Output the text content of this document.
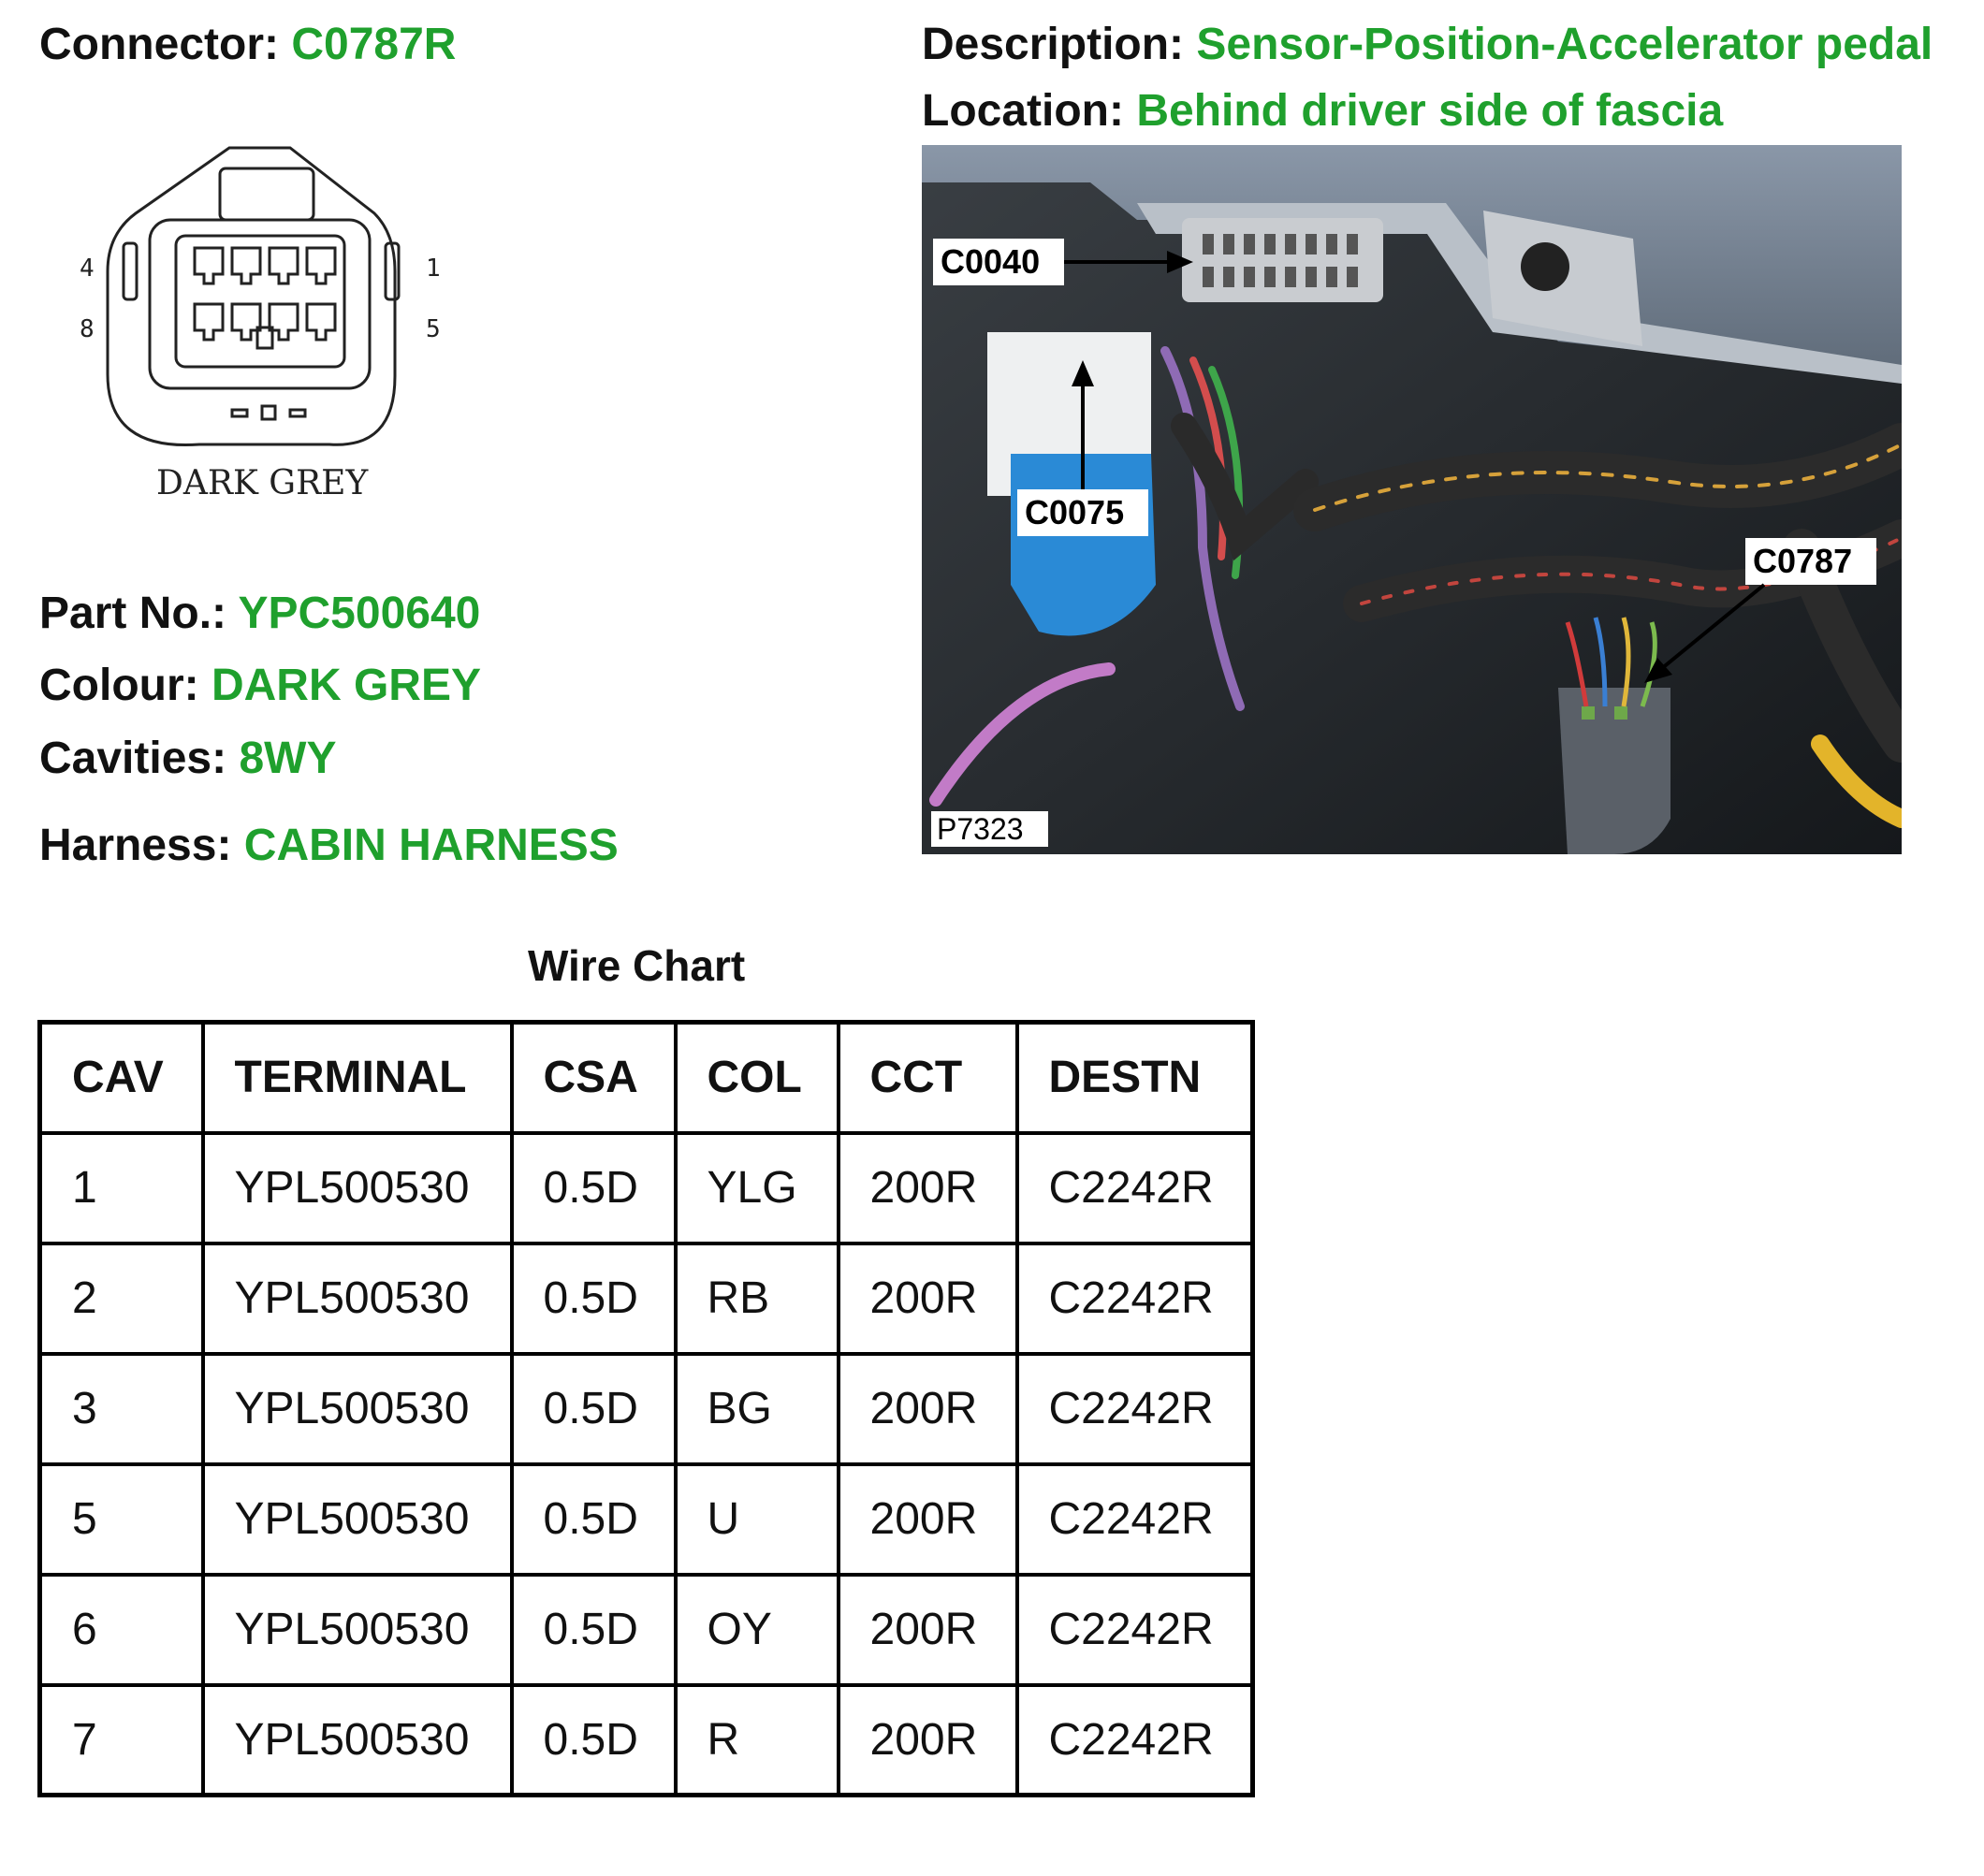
Connector: C0787R	Description: Sensor-Position-Accelerator pedal
Location: Behind driver side of fascia
4
8
1
5
DARK GREY
Part No.: YPC500640
Colour: DARK GREY
Cavities: 8WY
Harness: CABIN HARNESS
C0040
C0075
C0787
P7323
Wire Chart
CAV	TERMINAL	CSA	COL	CCT	DESTN
1	YPL500530	0.5D	YLG	200R	C2242R
2	YPL500530	0.5D	RB	200R	C2242R
3	YPL500530	0.5D	BG	200R	C2242R
5	YPL500530	0.5D	U	200R	C2242R
6	YPL500530	0.5D	OY	200R	C2242R
7	YPL500530	0.5D	R	200R	C2242R
